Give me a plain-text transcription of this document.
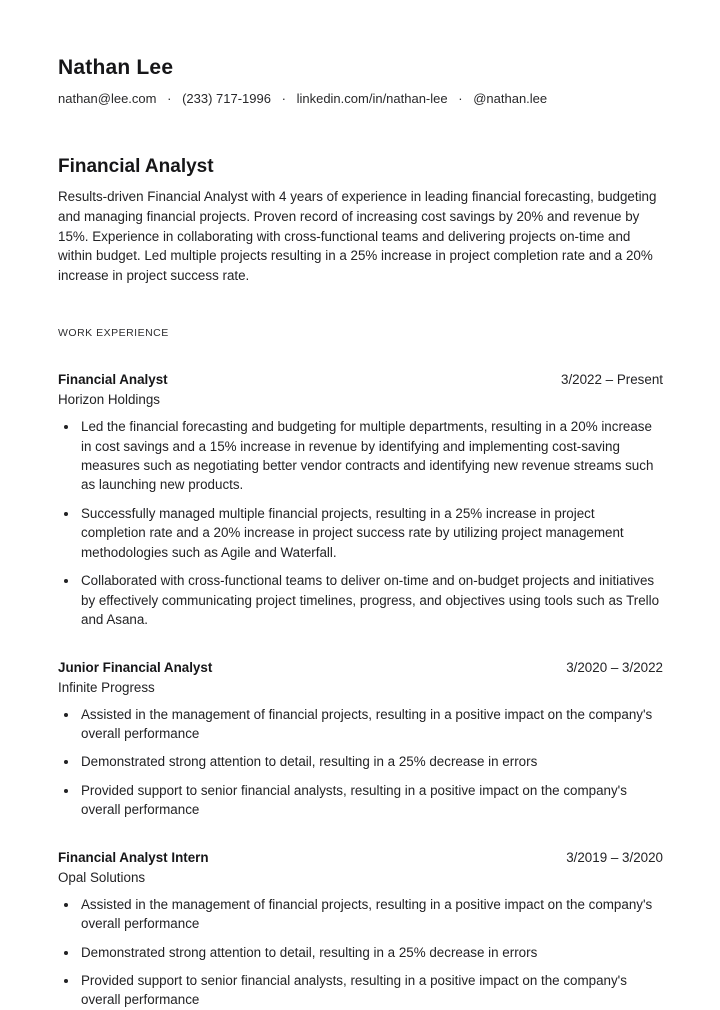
Nathan Lee
nathan@lee.com · (233) 717-1996 · linkedin.com/in/nathan-lee · @nathan.lee
Financial Analyst
Results-driven Financial Analyst with 4 years of experience in leading financial forecasting, budgeting and managing financial projects. Proven record of increasing cost savings by 20% and revenue by 15%. Experience in collaborating with cross-functional teams and delivering projects on-time and within budget. Led multiple projects resulting in a 25% increase in project completion rate and a 20% increase in project success rate.
WORK EXPERIENCE
Financial Analyst	3/2022 – Present
Horizon Holdings
• Led the financial forecasting and budgeting for multiple departments, resulting in a 20% increase in cost savings and a 15% increase in revenue by identifying and implementing cost-saving measures such as negotiating better vendor contracts and identifying new revenue streams such as launching new products.
• Successfully managed multiple financial projects, resulting in a 25% increase in project completion rate and a 20% increase in project success rate by utilizing project management methodologies such as Agile and Waterfall.
• Collaborated with cross-functional teams to deliver on-time and on-budget projects and initiatives by effectively communicating project timelines, progress, and objectives using tools such as Trello and Asana.
Junior Financial Analyst	3/2020 – 3/2022
Infinite Progress
• Assisted in the management of financial projects, resulting in a positive impact on the company's overall performance
• Demonstrated strong attention to detail, resulting in a 25% decrease in errors
• Provided support to senior financial analysts, resulting in a positive impact on the company's overall performance
Financial Analyst Intern	3/2019 – 3/2020
Opal Solutions
• Assisted in the management of financial projects, resulting in a positive impact on the company's overall performance
• Demonstrated strong attention to detail, resulting in a 25% decrease in errors
• Provided support to senior financial analysts, resulting in a positive impact on the company's overall performance
